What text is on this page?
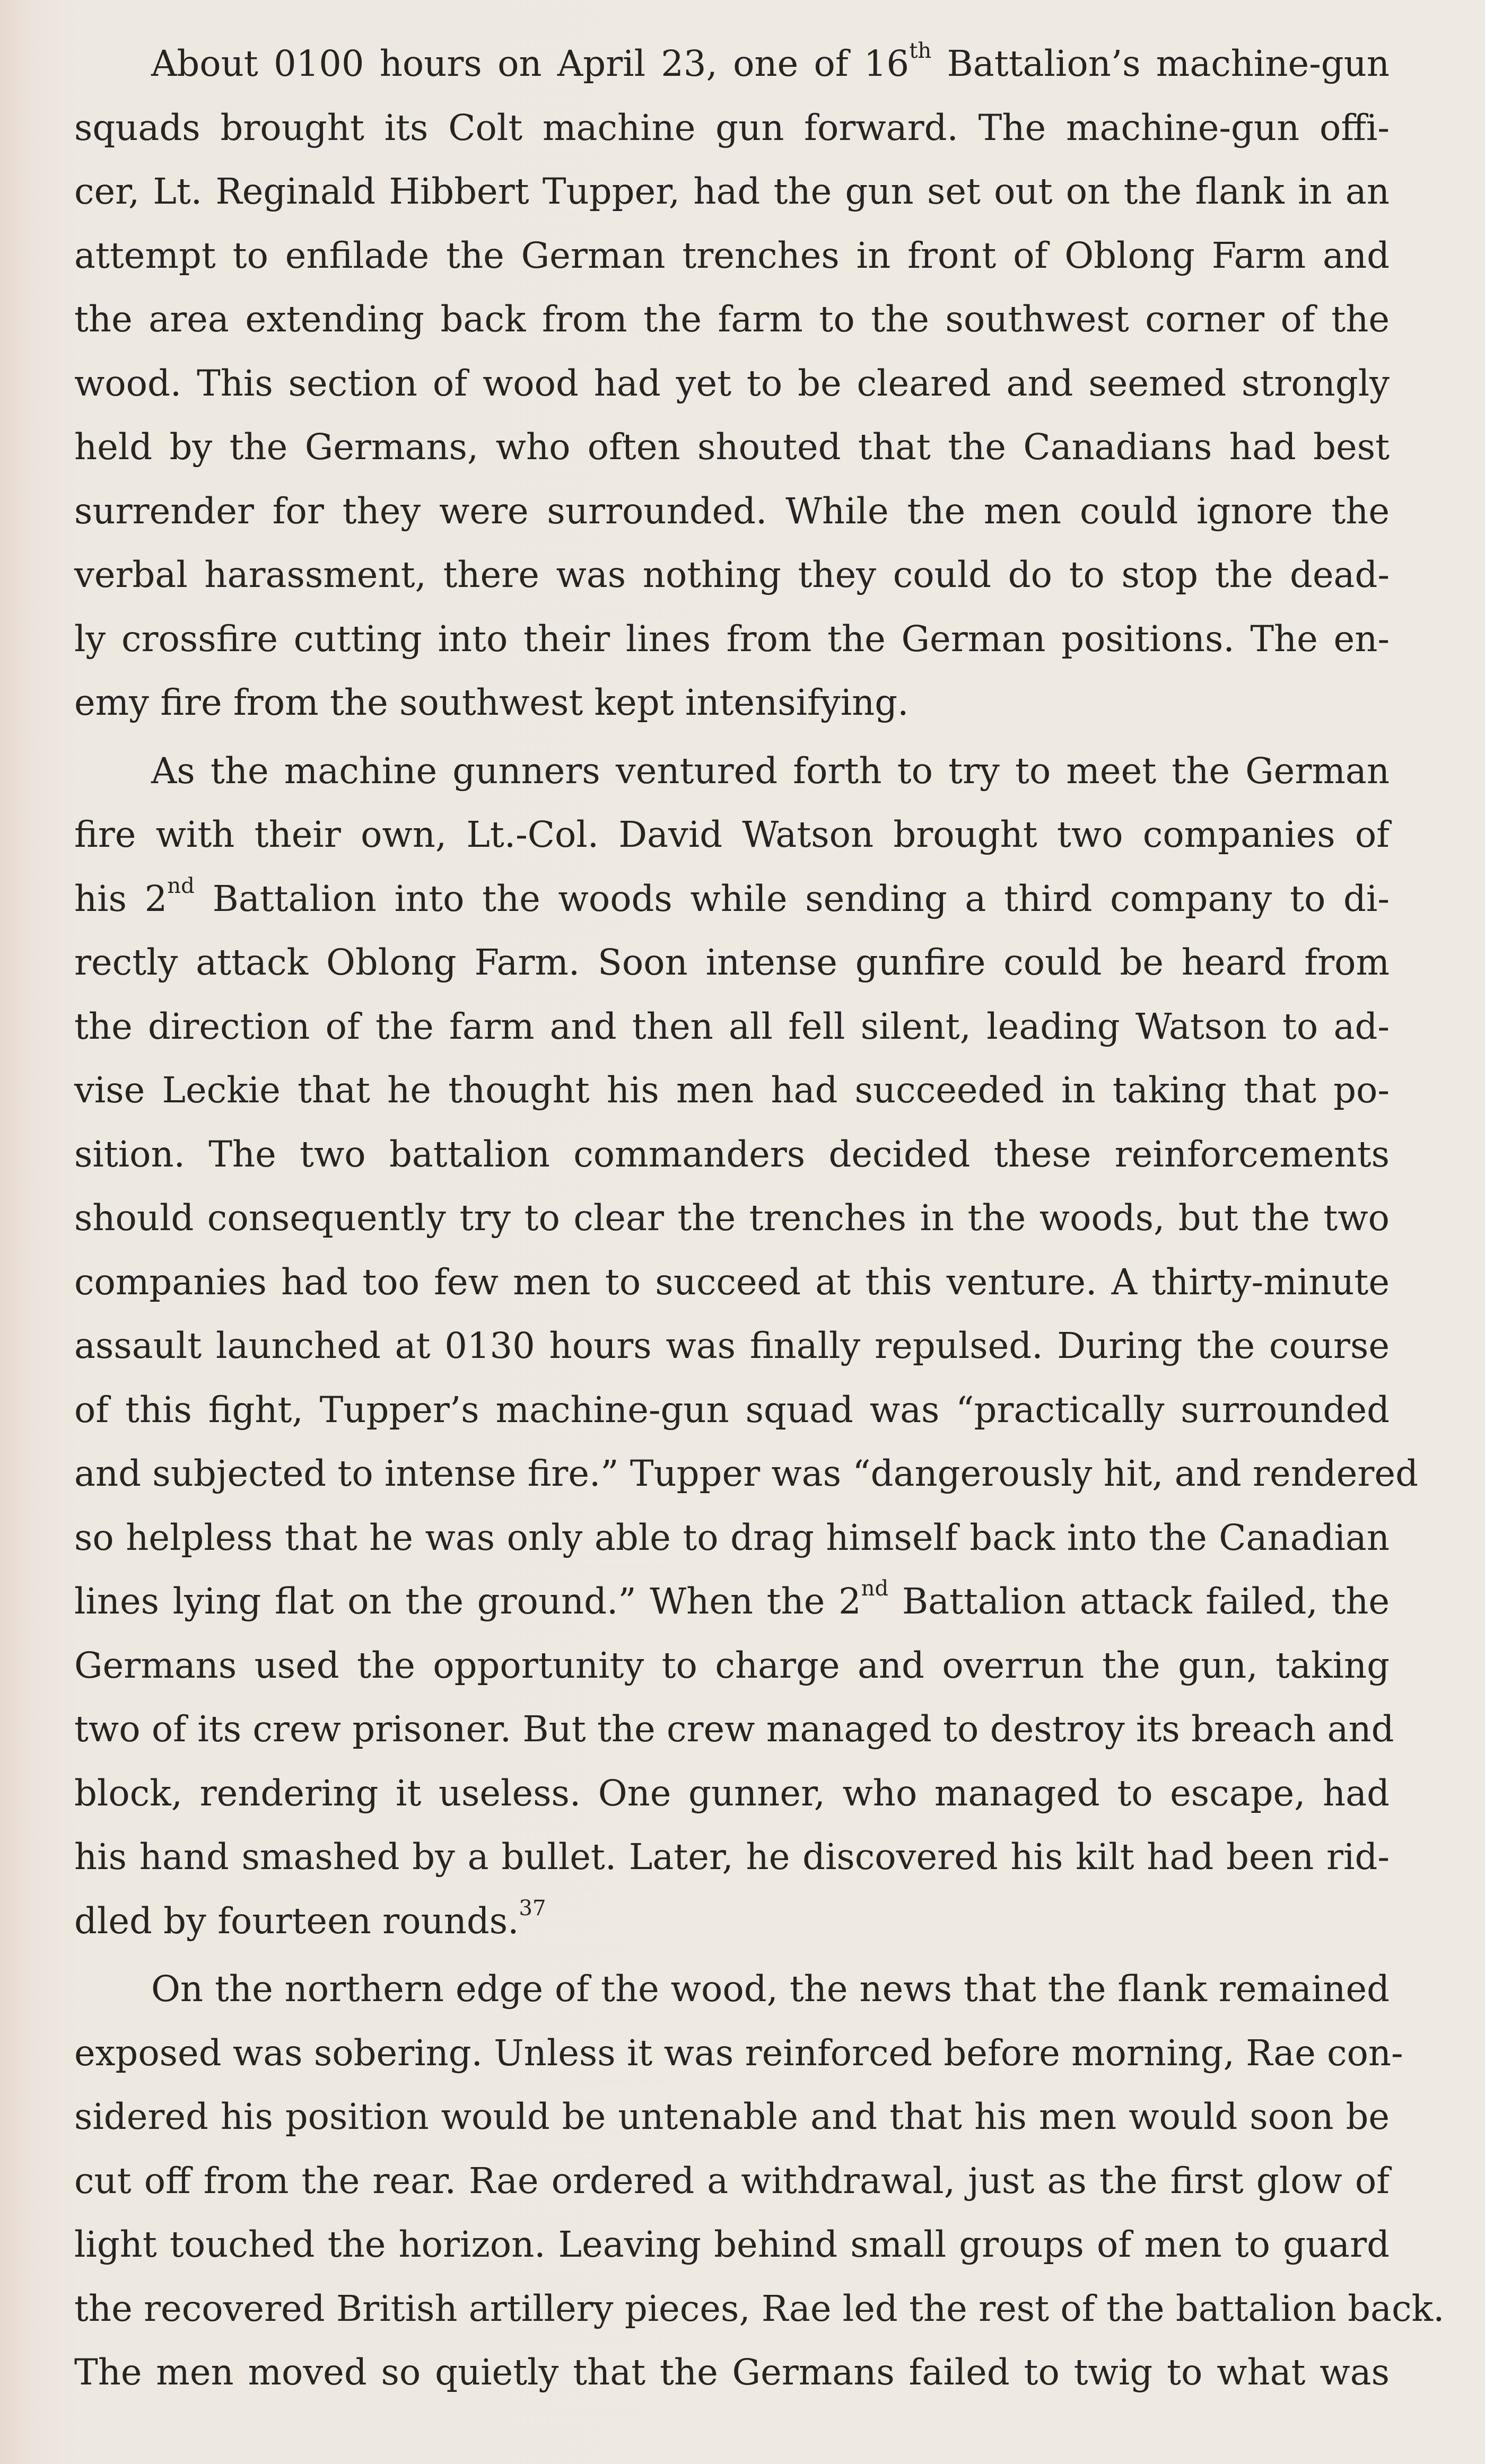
About 0100 hours on April 23, one of 16th Battalion’s machine-gun
squads brought its Colt machine gun forward. The machine-gun offi-
cer, Lt. Reginald Hibbert Tupper, had the gun set out on the flank in an
attempt to enfilade the German trenches in front of Oblong Farm and
the area extending back from the farm to the southwest corner of the
wood. This section of wood had yet to be cleared and seemed strongly
held by the Germans, who often shouted that the Canadians had best
surrender for they were surrounded. While the men could ignore the
verbal harassment, there was nothing they could do to stop the dead-
ly crossfire cutting into their lines from the German positions. The en-
emy fire from the southwest kept intensifying.
As the machine gunners ventured forth to try to meet the German
fire with their own, Lt.-Col. David Watson brought two companies of
his 2nd Battalion into the woods while sending a third company to di-
rectly attack Oblong Farm. Soon intense gunfire could be heard from
the direction of the farm and then all fell silent, leading Watson to ad-
vise Leckie that he thought his men had succeeded in taking that po-
sition. The two battalion commanders decided these reinforcements
should consequently try to clear the trenches in the woods, but the two
companies had too few men to succeed at this venture. A thirty-minute
assault launched at 0130 hours was finally repulsed. During the course
of this fight, Tupper’s machine-gun squad was “practically surrounded
and subjected to intense fire.” Tupper was “dangerously hit, and rendered
so helpless that he was only able to drag himself back into the Canadian
lines lying flat on the ground.” When the 2nd Battalion attack failed, the
Germans used the opportunity to charge and overrun the gun, taking
two of its crew prisoner. But the crew managed to destroy its breach and
block, rendering it useless. One gunner, who managed to escape, had
his hand smashed by a bullet. Later, he discovered his kilt had been rid-
dled by fourteen rounds.$^{37}$
On the northern edge of the wood, the news that the flank remained
exposed was sobering. Unless it was reinforced before morning, Rae con-
sidered his position would be untenable and that his men would soon be
cut off from the rear. Rae ordered a withdrawal, just as the first glow of
light touched the horizon. Leaving behind small groups of men to guard
the recovered British artillery pieces, Rae led the rest of the battalion back.
The men moved so quietly that the Germans failed to twig to what was
